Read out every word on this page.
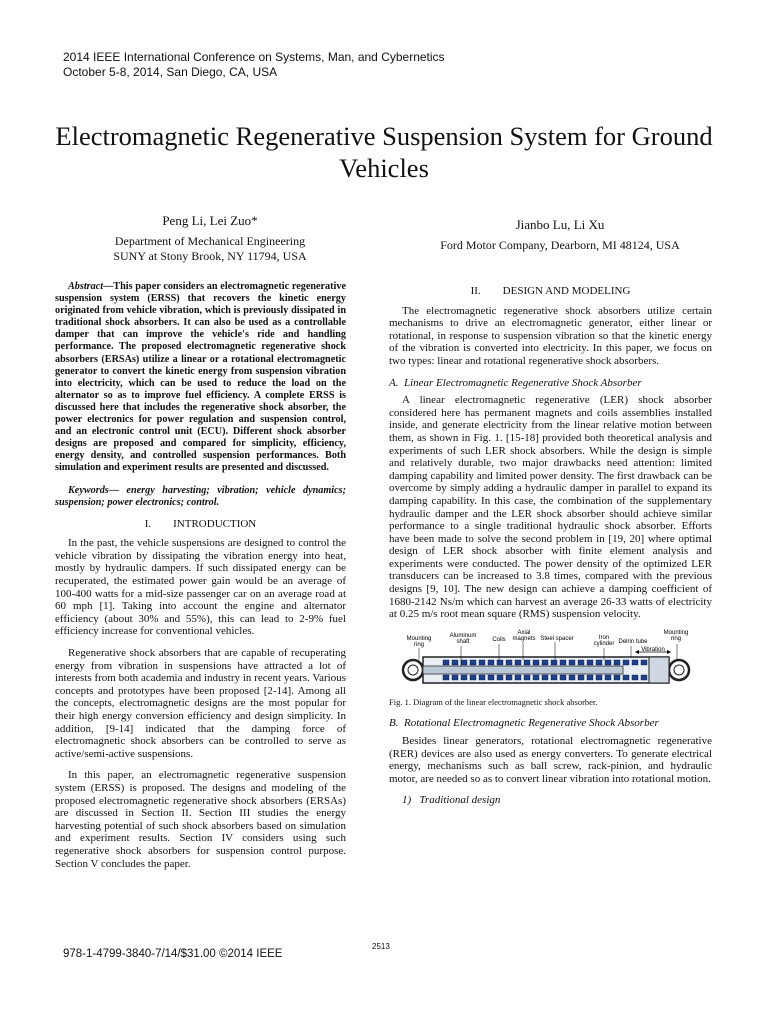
2014 IEEE International Conference on Systems, Man, and Cybernetics
October 5-8, 2014, San Diego, CA, USA
Electromagnetic Regenerative Suspension System for Ground Vehicles
Peng Li, Lei Zuo*
Department of Mechanical Engineering
SUNY at Stony Brook, NY 11794, USA
Jianbo Lu, Li Xu
Ford Motor Company, Dearborn, MI 48124, USA

Abstract—This paper considers an electromagnetic regenerative suspension system (ERSS) that recovers the kinetic energy originated from vehicle vibration, which is previously dissipated in traditional shock absorbers. It can also be used as a controllable damper that can improve the vehicle's ride and handling performance. The proposed electromagnetic regenerative shock absorbers (ERSAs) utilize a linear or a rotational electromagnetic generator to convert the kinetic energy from suspension vibration into electricity, which can be used to reduce the load on the alternator so as to improve fuel efficiency. A complete ERSS is discussed here that includes the regenerative shock absorber, the power electronics for power regulation and suspension control, and an electronic control unit (ECU). Different shock absorber designs are proposed and compared for simplicity, efficiency, energy density, and controlled suspension performances. Both simulation and experiment results are presented and discussed.

Keywords— energy harvesting; vibration; vehicle dynamics; suspension; power electronics; control.

I.        INTRODUCTION

In the past, the vehicle suspensions are designed to control the vehicle vibration by dissipating the vibration energy into heat, mostly by hydraulic dampers. If such dissipated energy can be recuperated, the estimated power gain would be an average of 100-400 watts for a mid-size passenger car on an average road at 60 mph [1]. Taking into account the engine and alternator efficiency (about 30% and 55%), this can lead to 2-9% fuel efficiency increase for conventional vehicles.

Regenerative shock absorbers that are capable of recuperating energy from vibration in suspensions have attracted a lot of interests from both academia and industry in recent years. Various concepts and prototypes have been proposed [2-14]. Among all the concepts, electromagnetic designs are the most popular for their high energy conversion efficiency and design simplicity. In addition, [9-14] indicated that the damping force of electromagnetic shock absorbers can be controlled to serve as active/semi-active suspensions.

In this paper, an electromagnetic regenerative suspension system (ERSS) is proposed. The designs and modeling of the proposed electromagnetic regenerative shock absorbers (ERSAs) are discussed in Section II. Section III studies the energy harvesting potential of such shock absorbers based on simulation and experiment results. Section IV considers using such regenerative shock absorbers for suspension control purpose. Section V concludes the paper.

II.        DESIGN AND MODELING

The electromagnetic regenerative shock absorbers utilize certain mechanisms to drive an electromagnetic generator, either linear or rotational, in response to suspension vibration so that the kinetic energy of the vibration is converted into electricity. In this paper, we focus on two types: linear and rotational regenerative shock absorbers.

A.  Linear Electromagnetic Regenerative Shock Absorber

A linear electromagnetic regenerative (LER) shock absorber considered here has permanent magnets and coils assemblies installed inside, and generate electricity from the linear relative motion between them, as shown in Fig. 1. [15-18] provided both theoretical analysis and experiments of such LER shock absorbers. While the design is simple and relatively durable, two major drawbacks need attention: limited damping capability and limited power density. The first drawback can be overcome by simply adding a hydraulic damper in parallel to expand its damping capability. In this case, the combination of the supplementary hydraulic damper and the LER shock absorber should achieve similar performance to a single traditional hydraulic shock absorber. Efforts have been made to solve the second problem in [19, 20] where optimal design of LER shock absorber with finite element analysis and experiments were conducted. The power density of the optimized LER transducers can be increased to 3.8 times, compared with the previous designs [9, 10]. The new design can achieve a damping coefficient of 1680-2142 Ns/m which can harvest an average 26-33 watts of electricity at 0.25 m/s root mean square (RMS) suspension velocity.

Mounting ring
Aluminum shaft	Coils
Axial magnets Steel spacer	Iron cylinder Delrin tube
Vibration
Mounting ring

Fig. 1. Diagram of the linear electromagnetic shock absorber.

B.  Rotational Electromagnetic Regenerative Shock Absorber

Besides linear generators, rotational electromagnetic regenerative (RER) devices are also used as energy converters. To generate electrical energy, mechanisms such as ball screw, rack-pinion, and hydraulic motor, are needed so as to convert linear vibration into rotational motion.

1)   Traditional design

978-1-4799-3840-7/14/$31.00 ©2014 IEEE
2513
